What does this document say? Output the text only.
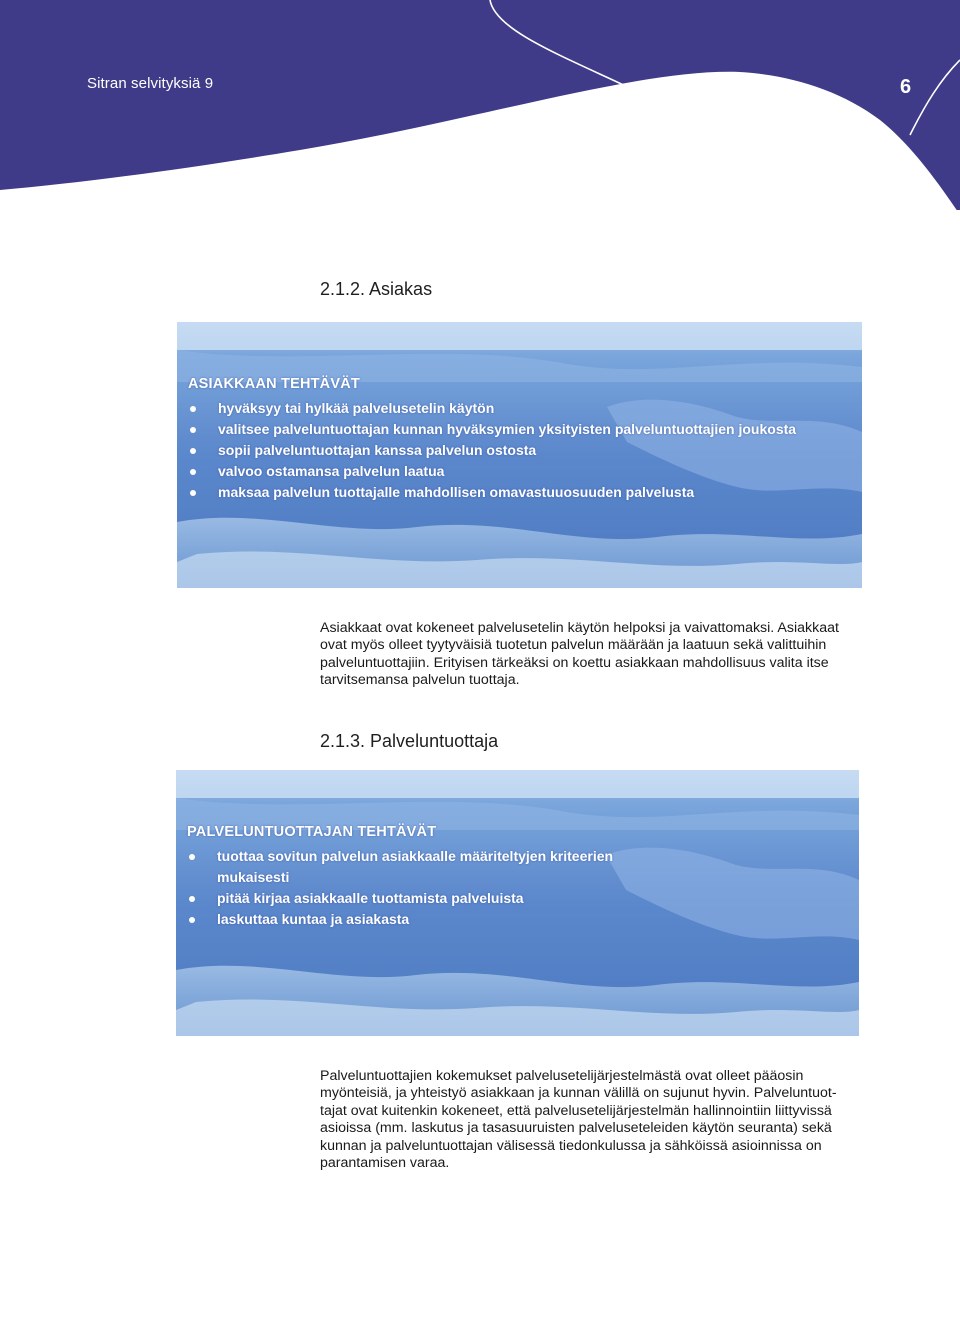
Sitran selvityksiä 9	6
2.1.2. Asiakas
ASIAKKAAN TEHTÄVÄT
hyväksyy tai hylkää palvelusetelin käytön
valitsee palveluntuottajan kunnan hyväksymien yksityisten palveluntuottajien joukosta
sopii palveluntuottajan kanssa palvelun ostosta
valvoo ostamansa palvelun laatua
maksaa palvelun tuottajalle mahdollisen omavastuuosuuden palvelusta
Asiakkaat ovat kokeneet palvelusetelin käytön helpoksi ja vaivattomaksi. Asiakkaat
ovat myös olleet tyytyväisiä tuotetun palvelun määrään ja laatuun sekä valittuihin
palveluntuottajiin. Erityisen tärkeäksi on koettu asiakkaan mahdollisuus valita itse
tarvitsemansa palvelun tuottaja.
2.1.3. Palveluntuottaja
PALVELUNTUOTTAJAN TEHTÄVÄT
tuottaa sovitun palvelun asiakkaalle määriteltyjen kriteerien mukaisesti
pitää kirjaa asiakkaalle tuottamista palveluista
laskuttaa kuntaa ja asiakasta
Palveluntuottajien kokemukset palvelusetelijärjestelmästä ovat olleet pääosin
myönteisiä, ja yhteistyö asiakkaan ja kunnan välillä on sujunut hyvin. Palveluntuot-
tajat ovat kuitenkin kokeneet, että palvelusetelijärjestelmän hallinnointiin liittyvissä
asioissa (mm. laskutus ja tasasuuruisten palveluseteleiden käytön seuranta) sekä
kunnan ja palveluntuottajan välisessä tiedonkulussa ja sähköissä asioinnissa on
parantamisen varaa.
